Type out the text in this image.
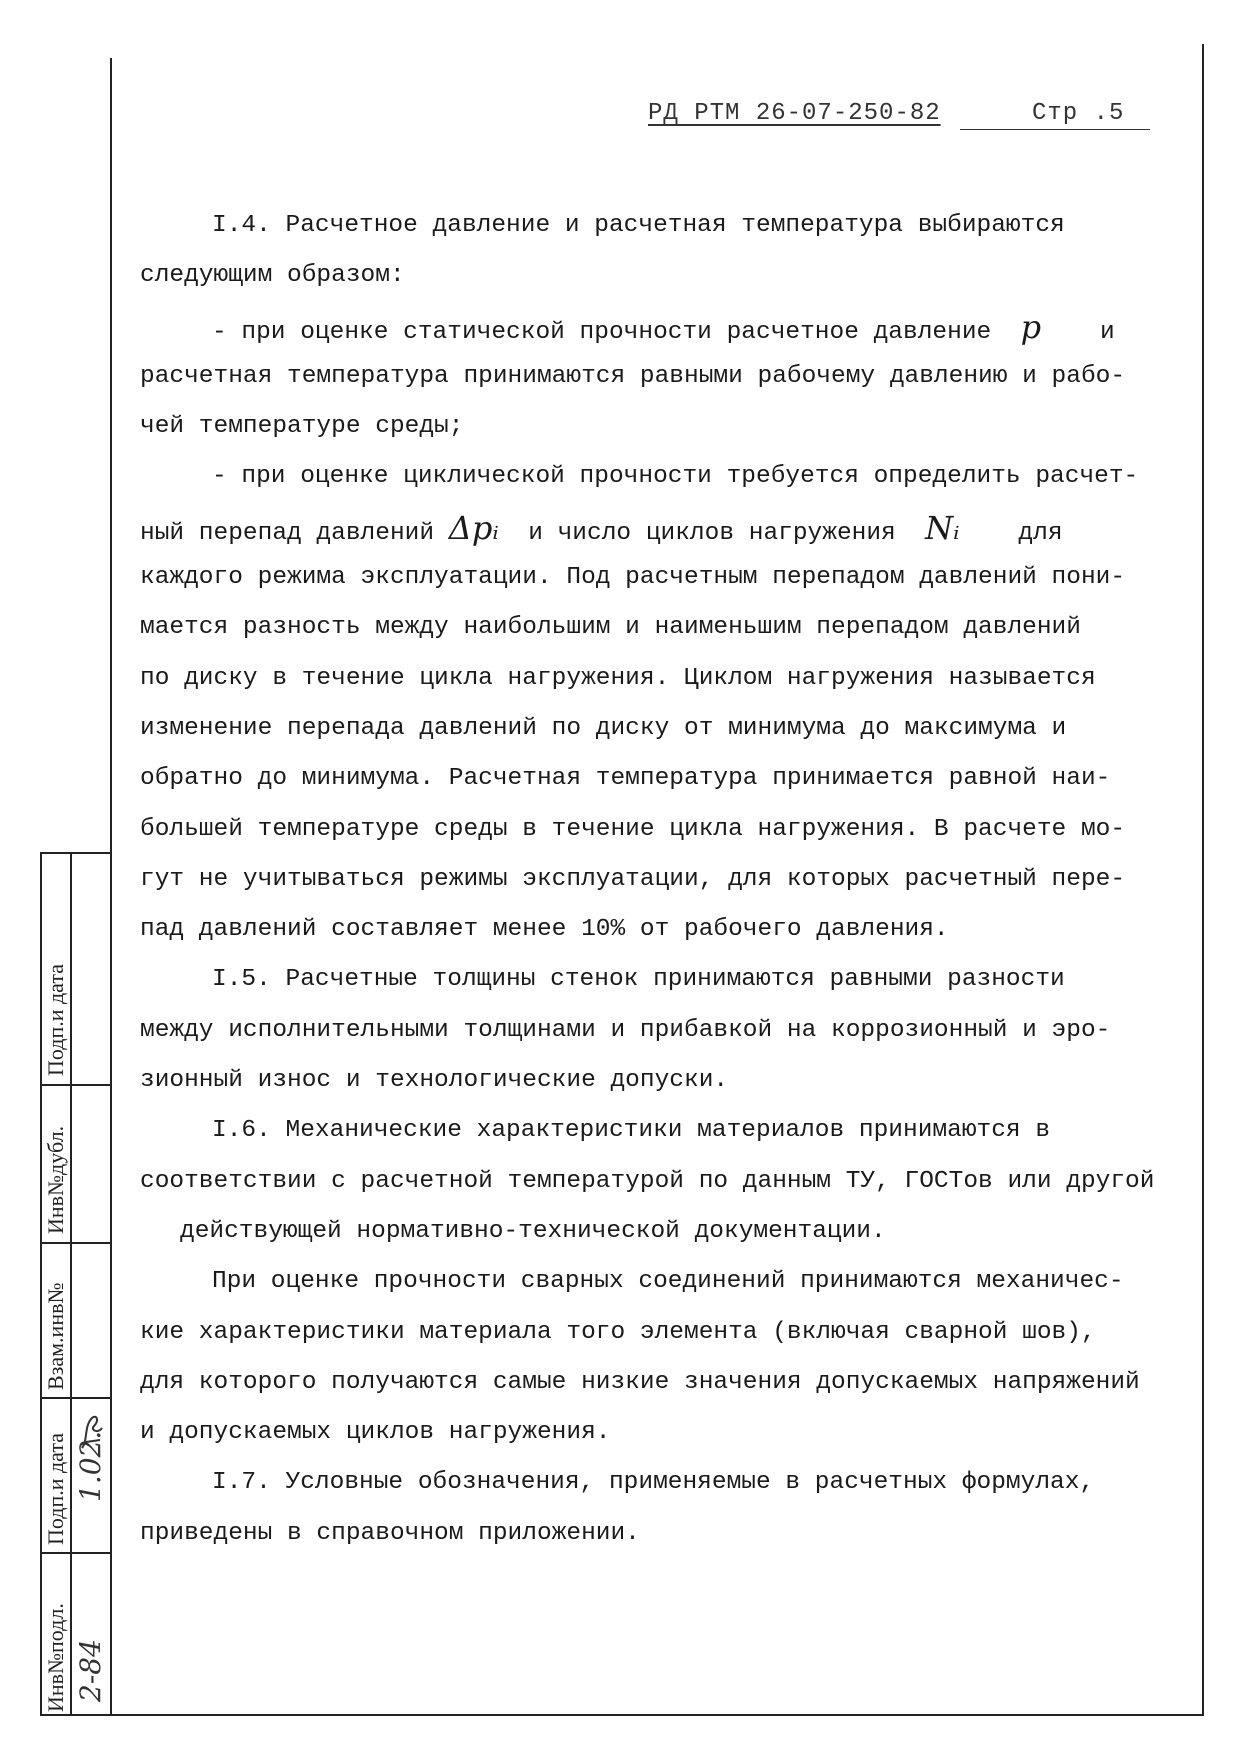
РД РТМ 26-07-250-82	Стр .5
I.4. Расчетное давление и расчетная температура выбираются
следующим образом:
- при оценке статической прочности расчетное давление p и
расчетная температура принимаются равными рабочему давлению и рабо-
чей температуре среды;
- при оценке циклической прочности требуется определить расчет-
ный перепад давлений Δpᵢ и число циклов нагружения Nᵢ для
каждого режима эксплуатации. Под расчетным перепадом давлений пони-
мается разность между наибольшим и наименьшим перепадом давлений
по диску в течение цикла нагружения. Циклом нагружения называется
изменение перепада давлений по диску от минимума до максимума и
обратно до минимума. Расчетная температура принимается равной наи-
большей температуре среды в течение цикла нагружения. В расчете мо-
гут не учитываться режимы эксплуатации, для которых расчетный пере-
пад давлений составляет менее 10% от рабочего давления.
I.5. Расчетные толщины стенок принимаются равными разности
между исполнительными толщинами и прибавкой на коррозионный и эро-
зионный износ и технологические допуски.
I.6. Механические характеристики материалов принимаются в
соответствии с расчетной температурой по данным ТУ, ГОСТов или другой
действующей нормативно-технической документации.
При оценке прочности сварных соединений принимаются механичес-
кие характеристики материала того элемента (включая сварной шов),
для которого получаются самые низкие значения допускаемых напряжений
и допускаемых циклов нагружения.
I.7. Условные обозначения, применяемые в расчетных формулах,
приведены в справочном приложении.
Подп.и дата
Инв№дубл.
Взам.инв№
Подп.и дата
Инв№подл.
1.02.
2-84
